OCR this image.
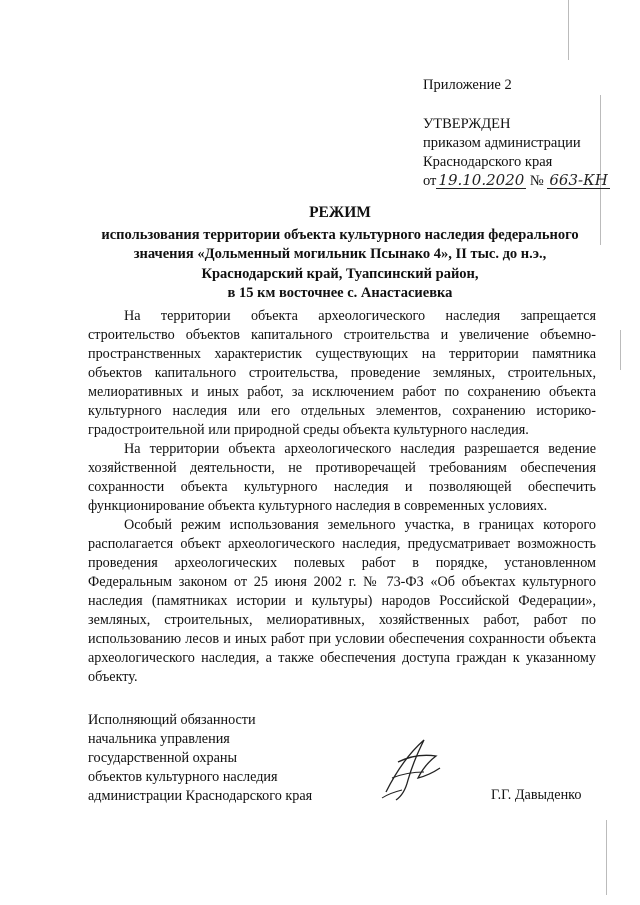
Приложение 2
УТВЕРЖДЕН
приказом администрации
Краснодарского края
от 19.10.2020 № 663-КН
РЕЖИМ
использования территории объекта культурного наследия федерального
значения «Дольменный могильник Псынако 4», II тыс. до н.э.,
Краснодарский край, Туапсинский район,
в 15 км восточнее с. Анастасиевка

На территории объекта археологического наследия запрещается строительство объектов капитального строительства и увеличение объемно-пространственных характеристик существующих на территории памятника объектов капитального строительства, проведение земляных, строительных, мелиоративных и иных работ, за исключением работ по сохранению объекта культурного наследия или его отдельных элементов, сохранению историко-градостроительной или природной среды объекта культурного наследия.

На территории объекта археологического наследия разрешается ведение хозяйственной деятельности, не противоречащей требованиям обеспечения сохранности объекта культурного наследия и позволяющей обеспечить функционирование объекта культурного наследия в современных условиях.

Особый режим использования земельного участка, в границах которого располагается объект археологического наследия, предусматривает возможность проведения археологических полевых работ в порядке, установленном Федеральным законом от 25 июня 2002 г. № 73-ФЗ «Об объектах культурного наследия (памятниках истории и культуры) народов Российской Федерации», земляных, строительных, мелиоративных, хозяйственных работ, работ по использованию лесов и иных работ при условии обеспечения сохранности объекта археологического наследия, а также обеспечения доступа граждан к указанному объекту.

Исполняющий обязанности
начальника управления
государственной охраны
объектов культурного наследия
администрации Краснодарского края	Г.Г. Давыденко
